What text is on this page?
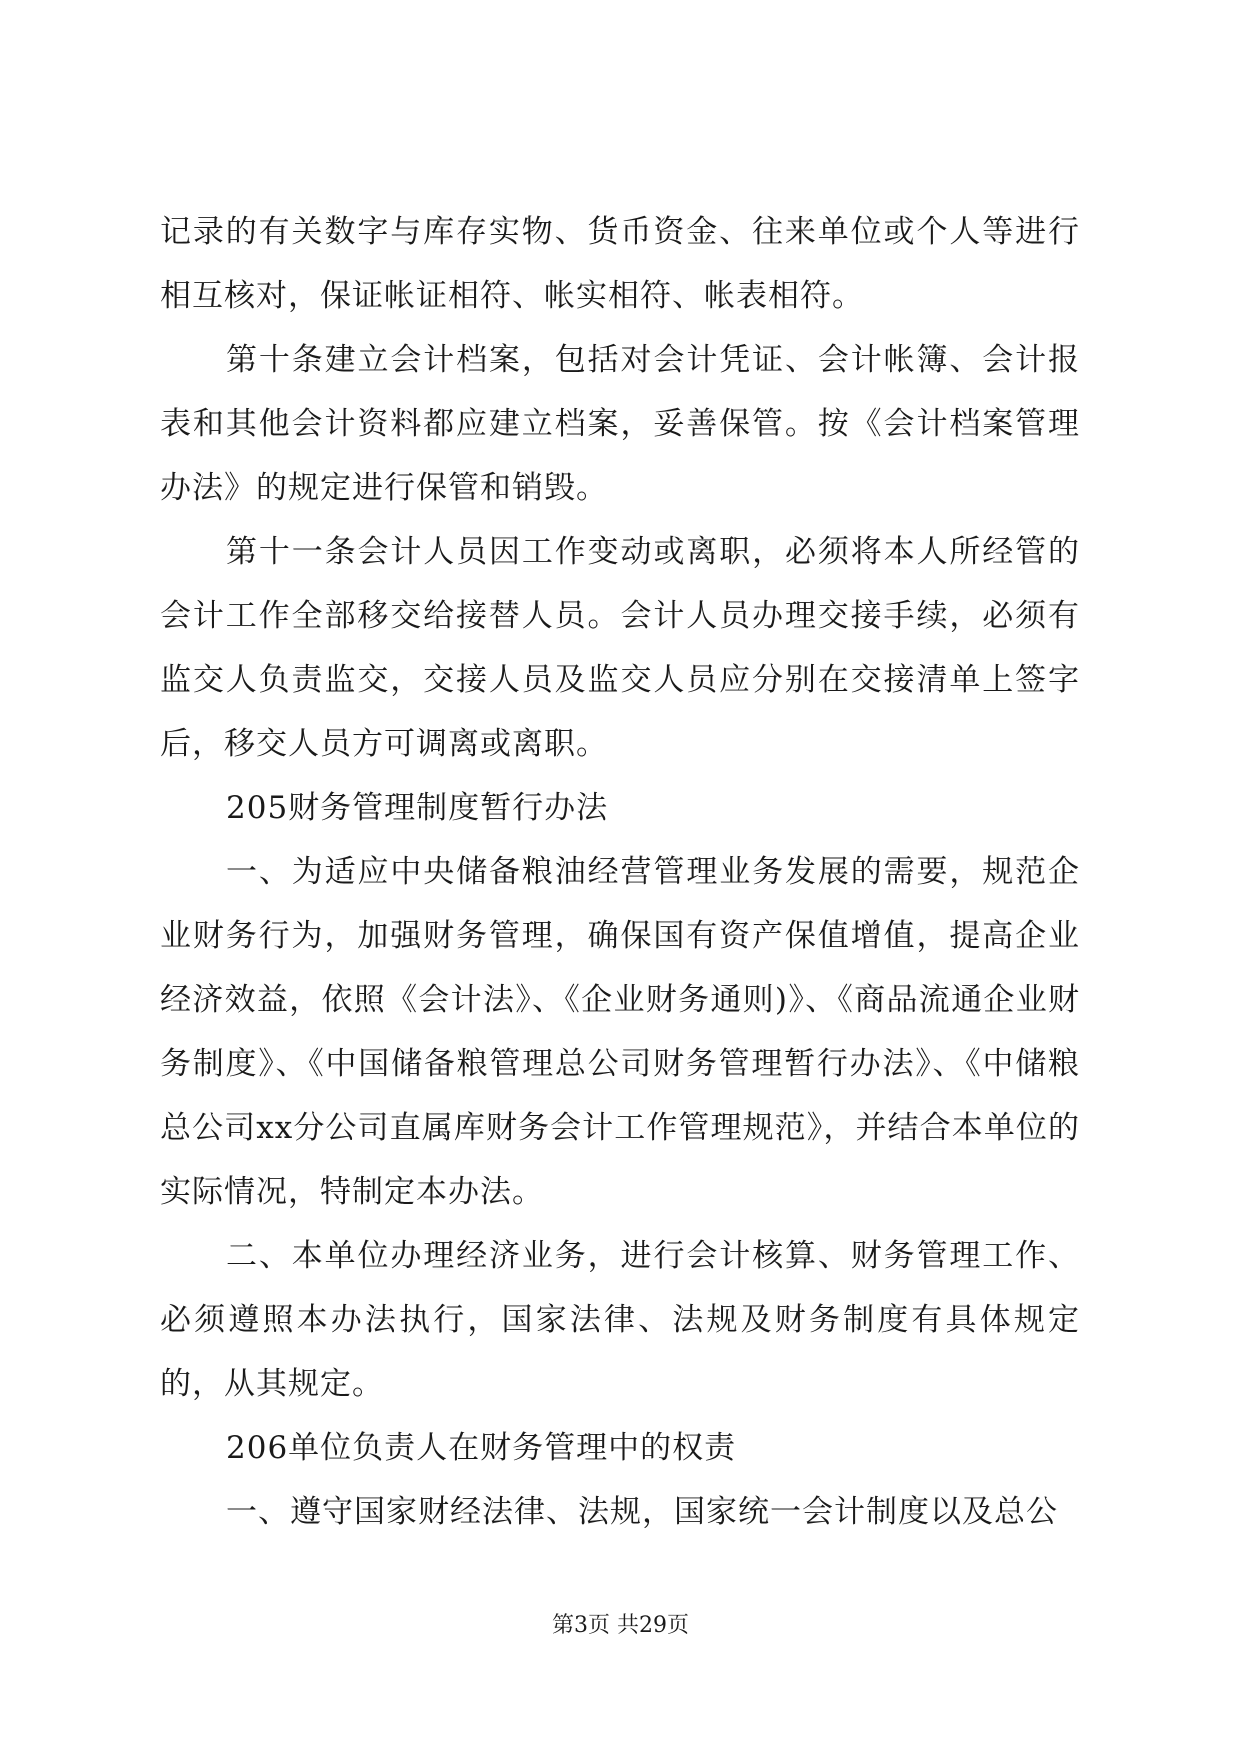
记录的有关数字与库存实物、货币资金、往来单位或个人等进行相互核对，保证帐证相符、帐实相符、帐表相符。

第十条建立会计档案，包括对会计凭证、会计帐簿、会计报表和其他会计资料都应建立档案，妥善保管。按《会计档案管理办法》的规定进行保管和销毁。

第十一条会计人员因工作变动或离职，必须将本人所经管的会计工作全部移交给接替人员。会计人员办理交接手续，必须有监交人负责监交，交接人员及监交人员应分别在交接清单上签字后，移交人员方可调离或离职。

205财务管理制度暂行办法

一、为适应中央储备粮油经营管理业务发展的需要，规范企业财务行为，加强财务管理，确保国有资产保值增值，提高企业经济效益，依照《会计法》、《企业财务通则)》、《商品流通企业财务制度》、《中国储备粮管理总公司财务管理暂行办法》、《中储粮总公司xx分公司直属库财务会计工作管理规范》，并结合本单位的实际情况，特制定本办法。

二、本单位办理经济业务，进行会计核算、财务管理工作、必须遵照本办法执行，国家法律、法规及财务制度有具体规定的，从其规定。

206单位负责人在财务管理中的权责

一、遵守国家财经法律、法规，国家统一会计制度以及总公

第3页 共29页
